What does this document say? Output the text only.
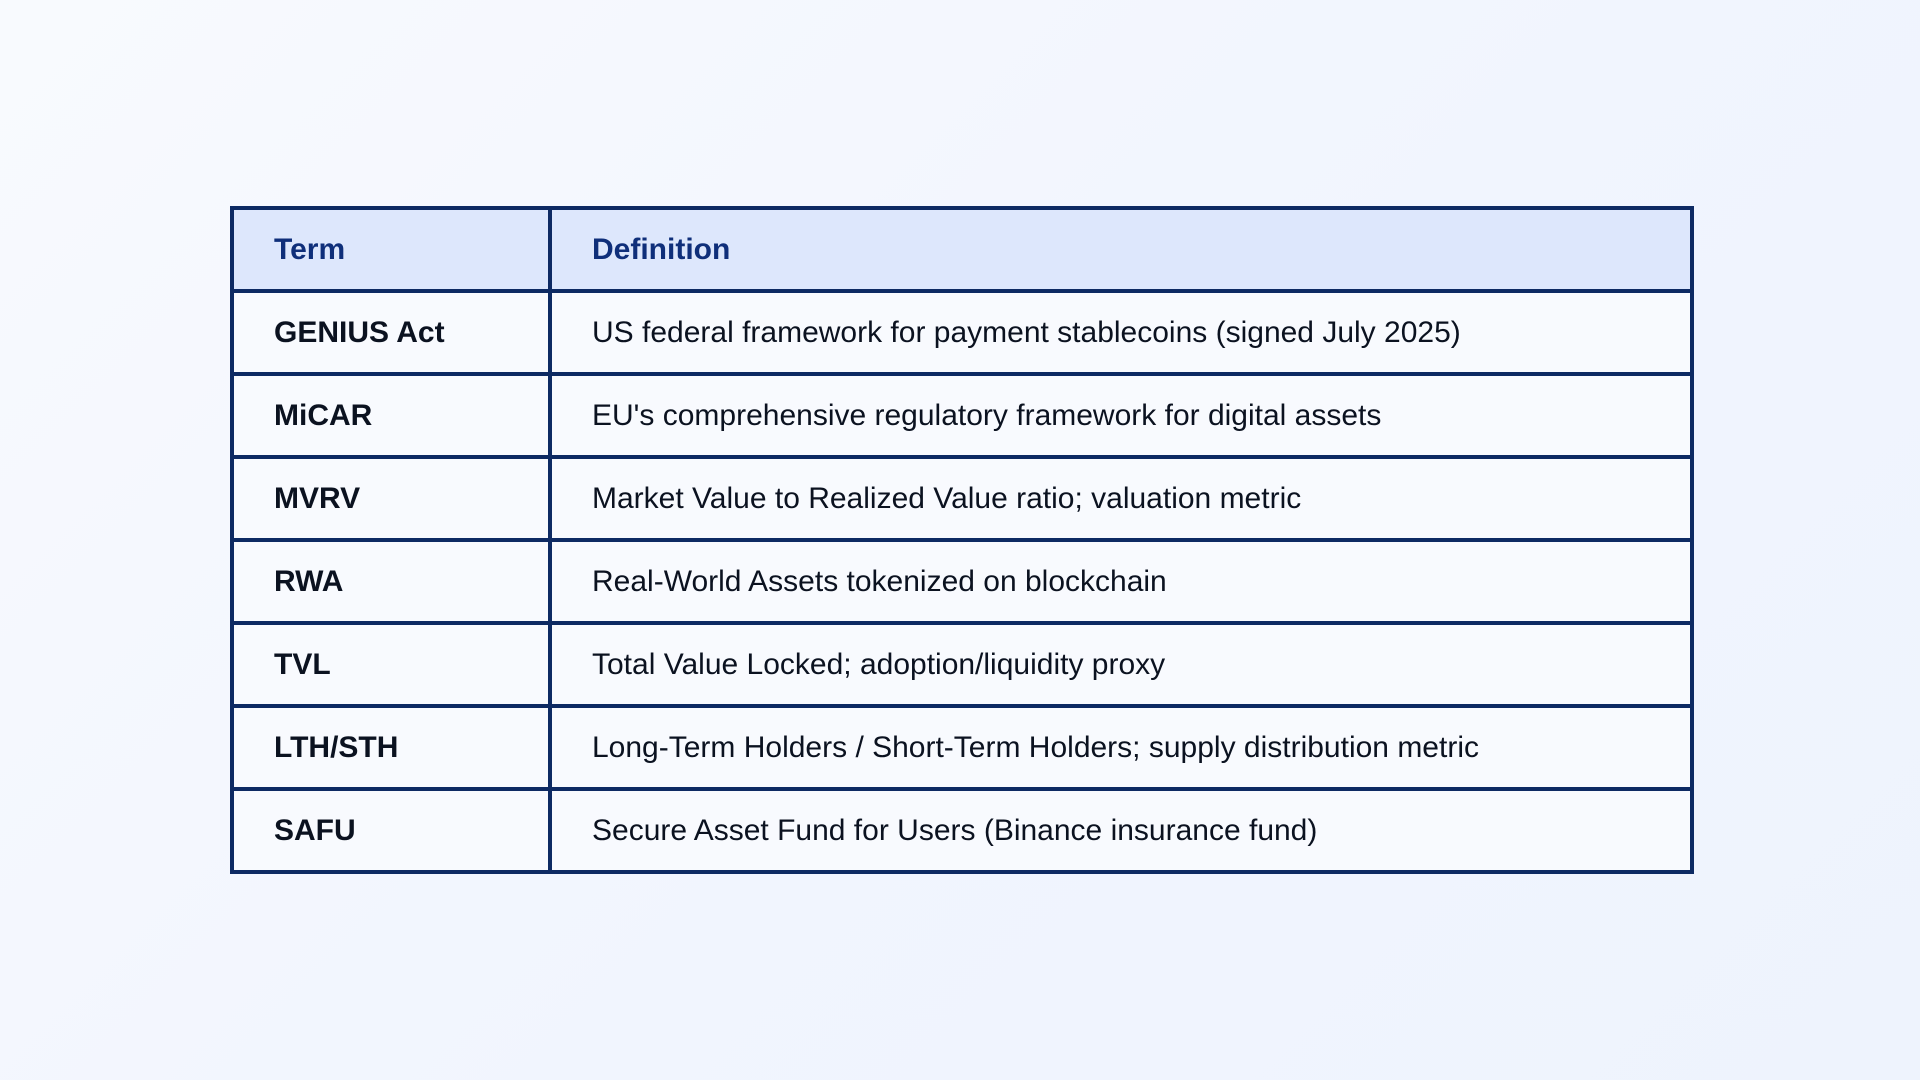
Term	Definition
GENIUS Act	US federal framework for payment stablecoins (signed July 2025)
MiCAR	EU's comprehensive regulatory framework for digital assets
MVRV	Market Value to Realized Value ratio; valuation metric
RWA	Real-World Assets tokenized on blockchain
TVL	Total Value Locked; adoption/liquidity proxy
LTH/STH	Long-Term Holders / Short-Term Holders; supply distribution metric
SAFU	Secure Asset Fund for Users (Binance insurance fund)
